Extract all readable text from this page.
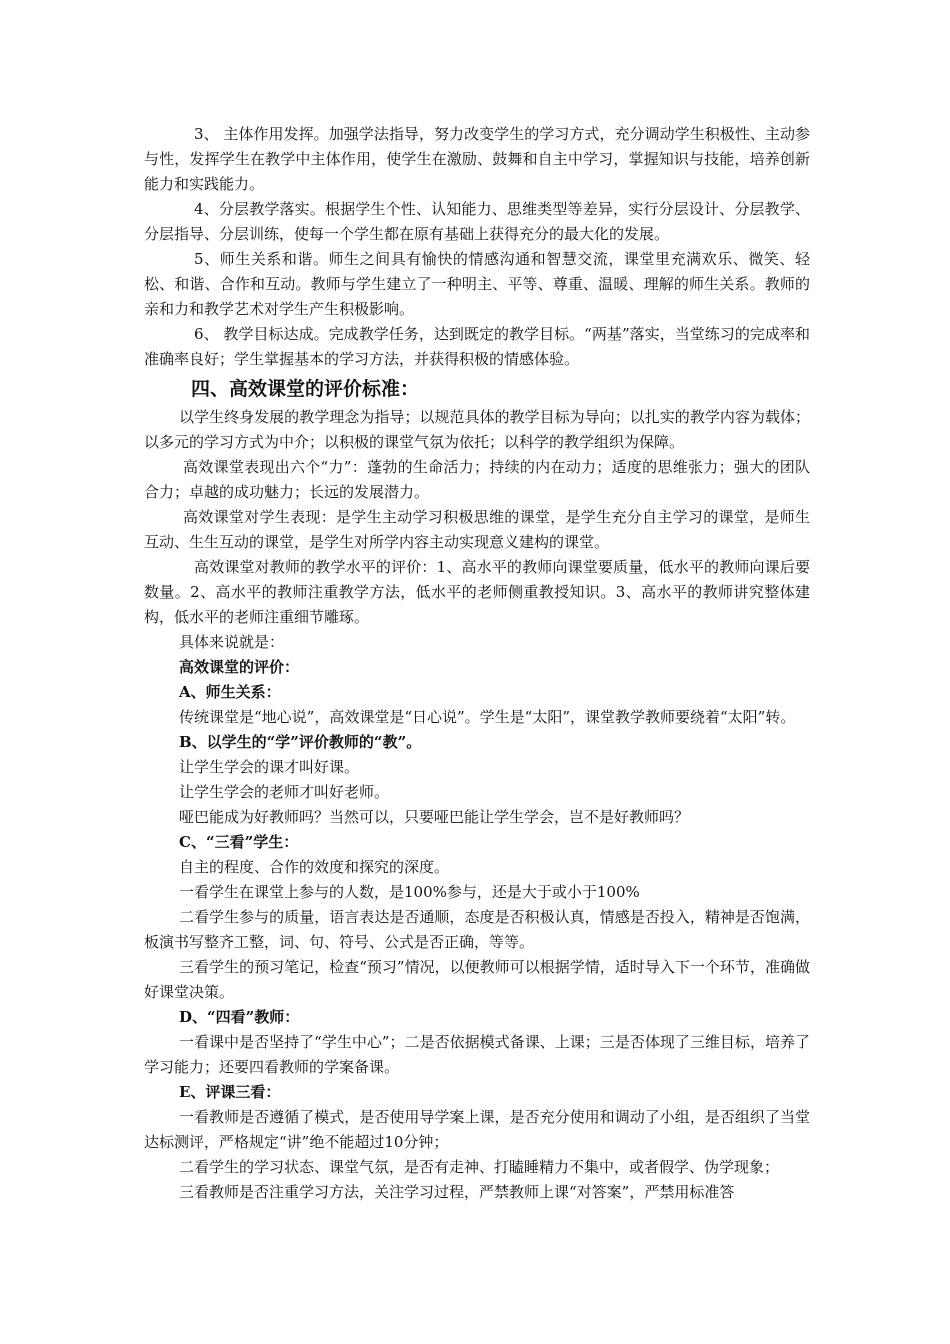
3、 主体作用发挥。加强学法指导，努力改变学生的学习方式，充分调动学生积极性、主动参与性，发挥学生在教学中主体作用，使学生在激励、鼓舞和自主中学习，掌握知识与技能，培养创新能力和实践能力。

4、分层教学落实。根据学生个性、认知能力、思维类型等差异，实行分层设计、分层教学、分层指导、分层训练，使每一个学生都在原有基础上获得充分的最大化的发展。

5、师生关系和谐。师生之间具有愉快的情感沟通和智慧交流，课堂里充满欢乐、微笑、轻松、和谐、合作和互动。教师与学生建立了一种明主、平等、尊重、温暖、理解的师生关系。教师的亲和力和教学艺术对学生产生积极影响。

6、 教学目标达成。完成教学任务，达到既定的教学目标。“两基”落实，当堂练习的完成率和准确率良好；学生掌握基本的学习方法，并获得积极的情感体验。

四、高效课堂的评价标准：

以学生终身发展的教学理念为指导；以规范具体的教学目标为导向；以扎实的教学内容为载体；以多元的学习方式为中介；以积极的课堂气氛为依托；以科学的教学组织为保障。

高效课堂表现出六个“力”：蓬勃的生命活力；持续的内在动力；适度的思维张力；强大的团队合力；卓越的成功魅力；长远的发展潜力。

高效课堂对学生表现：是学生主动学习积极思维的课堂，是学生充分自主学习的课堂，是师生互动、生生互动的课堂，是学生对所学内容主动实现意义建构的课堂。

高效课堂对教师的教学水平的评价：1、高水平的教师向课堂要质量，低水平的教师向课后要数量。2、高水平的教师注重教学方法，低水平的老师侧重教授知识。3、高水平的教师讲究整体建构，低水平的老师注重细节雕琢。

具体来说就是：

高效课堂的评价：

A、师生关系：

传统课堂是“地心说”，高效课堂是“日心说”。学生是“太阳”，课堂教学教师要绕着“太阳”转。

B、以学生的“学”评价教师的“教”。

让学生学会的课才叫好课。

让学生学会的老师才叫好老师。

哑巴能成为好教师吗？当然可以，只要哑巴能让学生学会，岂不是好教师吗？

C、“三看”学生：

自主的程度、合作的效度和探究的深度。

一看学生在课堂上参与的人数，是100%参与，还是大于或小于100%

二看学生参与的质量，语言表达是否通顺，态度是否积极认真，情感是否投入，精神是否饱满，板演书写整齐工整，词、句、符号、公式是否正确，等等。

三看学生的预习笔记，检查“预习”情况，以便教师可以根据学情，适时导入下一个环节，准确做好课堂决策。

D、“四看”教师：

一看课中是否坚持了“学生中心”；二是否依据模式备课、上课；三是否体现了三维目标，培养了学习能力；还要四看教师的学案备课。

E、评课三看：

一看教师是否遵循了模式，是否使用导学案上课，是否充分使用和调动了小组，是否组织了当堂达标测评，严格规定“讲”绝不能超过10分钟；

二看学生的学习状态、课堂气氛，是否有走神、打瞌睡精力不集中，或者假学、伪学现象；

三看教师是否注重学习方法，关注学习过程，严禁教师上课“对答案”，严禁用标准答
